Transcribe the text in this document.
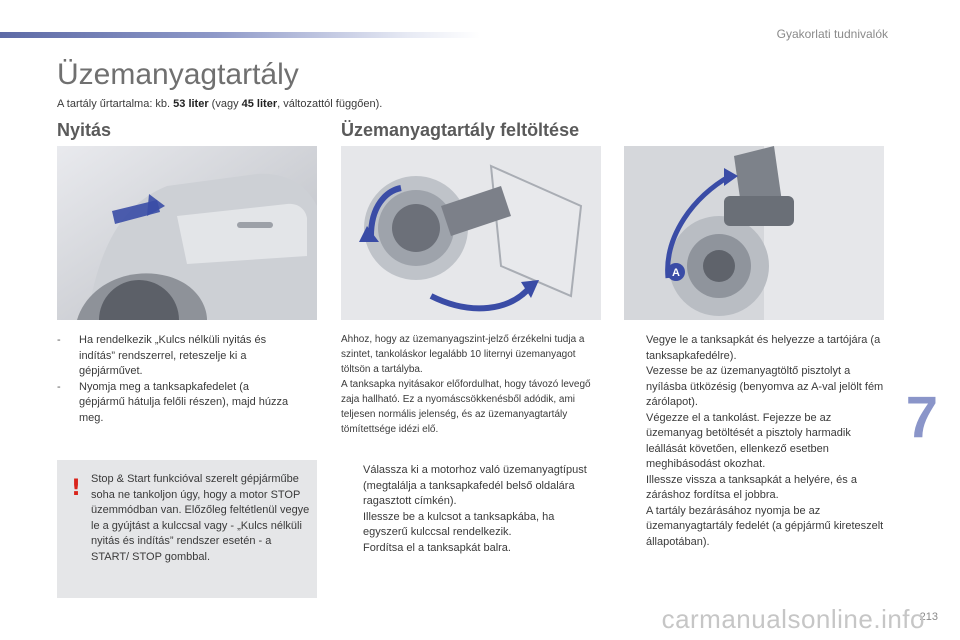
Gyakorlati tudnivalók
Üzemanyagtartály
A tartály űrtartalma: kb. 53 liter (vagy 45 liter, változattól függően).
Nyitás	Üzemanyagtartály feltöltése
A
-	Ha rendelkezik „Kulcs nélküli nyitás és indítás” rendszerrel, reteszelje ki a gépjárművet.
-	Nyomja meg a tanksapkafedelet (a gépjármű hátulja felőli részen), majd húzza meg.
! Stop & Start funkcióval szerelt gépjárműbe soha ne tankoljon úgy, hogy a motor STOP üzemmódban van. Előzőleg feltétlenül vegye le a gyújtást a kulccsal vagy - „Kulcs nélküli nyitás és indítás” rendszer esetén - a START/ STOP gombbal.

Ahhoz, hogy az üzemanyagszint-jelző érzékelni tudja a szintet, tankoláskor legalább 10 liternyi üzemanyagot töltsön a tartályba.

A tanksapka nyitásakor előfordulhat, hogy távozó levegő zaja hallható. Ez a nyomáscsökkenésből adódik, ami teljesen normális jelenség, és az üzemanyagtartály tömítettsége idézi elő.

Válassza ki a motorhoz való üzemanyagtípust (megtalálja a tanksapkafedél belső oldalára ragasztott címkén).
Illessze be a kulcsot a tanksapkába, ha egyszerű kulccsal rendelkezik.
Fordítsa el a tanksapkát balra.
Vegye le a tanksapkát és helyezze a tartójára (a tanksapkafedélre).
Vezesse be az üzemanyagtöltő pisztolyt a nyílásba ütközésig (benyomva az A-val jelölt fém zárólapot).
Végezze el a tankolást. Fejezze be az üzemanyag betöltését a pisztoly harmadik leállását követően, ellenkező esetben meghibásodást okozhat.
Illessze vissza a tanksapkát a helyére, és a záráshoz fordítsa el jobbra.
A tartály bezárásához nyomja be az üzemanyagtartály fedelét (a gépjármű kireteszelt állapotában).
7
213
carmanualsonline.info
